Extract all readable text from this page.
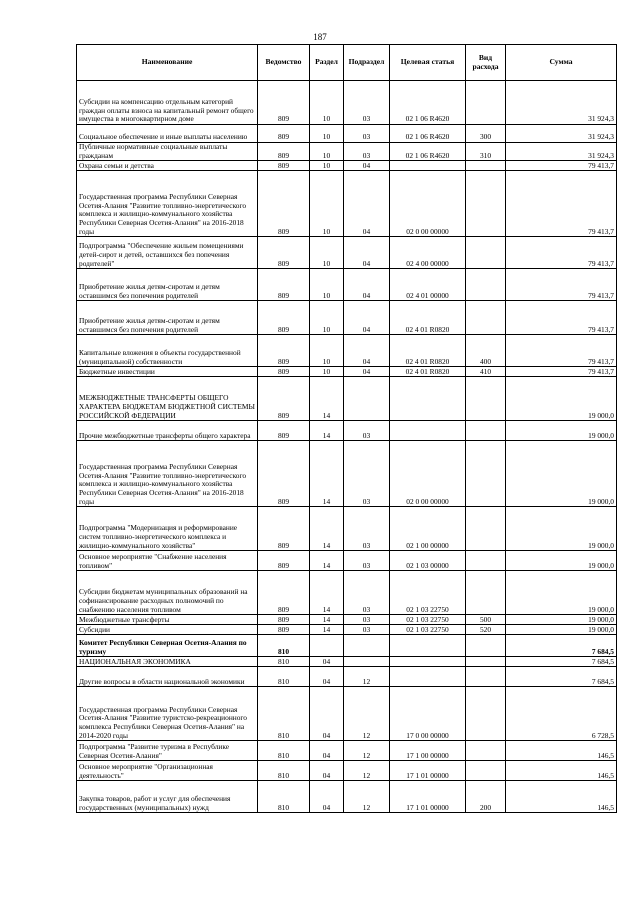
187
Наименование	Ведомство	Раздел	Подраздел	Целевая статья	Вид расхода	Сумма
Субсидии на компенсацию отдельным категорий граждан оплаты взноса на капитальный ремонт общего имущества в многоквартирном доме	809	10	03	02 1 06 R4620		31 924,3
Социальное обеспечение и иные выплаты населению	809	10	03	02 1 06 R4620	300	31 924,3
Публичные нормативные социальные выплаты гражданам	809	10	03	02 1 06 R4620	310	31 924,3
Охрана семьи и детства	809	10	04			79 413,7
Государственная программа Республики Северная Осетия-Алания "Развитие топливно-энергетического комплекса и жилищно-коммунального хозяйства Республики Северная Осетия-Алания" на 2016-2018 годы	809	10	04	02 0 00 00000		79 413,7
Подпрограмма "Обеспечение жильем помещениями детей-сирот и детей, оставшихся без попечения родителей"	809	10	04	02 4 00 00000		79 413,7
Приобретение жилья детям-сиротам и детям оставшимся без попечения родителей	809	10	04	02 4 01 00000		79 413,7
Приобретение жилья детям-сиротам и детям оставшимся без попечения родителей	809	10	04	02 4 01 R0820		79 413,7
Капитальные вложения в объекты государственной (муниципальной) собственности	809	10	04	02 4 01 R0820	400	79 413,7
Бюджетные инвестиции	809	10	04	02 4 01 R0820	410	79 413,7
МЕЖБЮДЖЕТНЫЕ ТРАНСФЕРТЫ ОБЩЕГО ХАРАКТЕРА БЮДЖЕТАМ БЮДЖЕТНОЙ СИСТЕМЫ РОССИЙСКОЙ ФЕДЕРАЦИИ	809	14				19 000,0
Прочие межбюджетные трансферты общего характера	809	14	03			19 000,0
Государственная программа Республики Северная Осетия-Алания "Развитие топливно-энергетического комплекса и жилищно-коммунального хозяйства Республики Северная Осетия-Алания" на 2016-2018 годы	809	14	03	02 0 00 00000		19 000,0
Подпрограмма "Модернизация и реформирование систем топливно-энергетического комплекса и жилищно-коммунального хозяйства"	809	14	03	02 1 00 00000		19 000,0
Основное мероприятие "Снабжение населения топливом"	809	14	03	02 1 03 00000		19 000,0
Субсидии бюджетам муниципальных образований на софинансирование расходных полномочий по снабжению населения топливом	809	14	03	02 1 03 22750		19 000,0
Межбюджетные трансферты	809	14	03	02 1 03 22750	500	19 000,0
Субсидии	809	14	03	02 1 03 22750	520	19 000,0
Комитет Республики Северная Осетия-Алания по туризму	810					7 684,5
НАЦИОНАЛЬНАЯ ЭКОНОМИКА	810	04				7 684,5
Другие вопросы в области национальной экономики	810	04	12			7 684,5
Государственная программа Республики Северная Осетия-Алания "Развитие туристско-рекреационного комплекса Республики Северная Осетия-Алания" на 2014-2020 годы	810	04	12	17 0 00 00000		6 728,5
Подпрограмма "Развитие туризма в Республике Северная Осетия-Алания"	810	04	12	17 1 00 00000		146,5
Основное мероприятие "Организационная деятельность"	810	04	12	17 1 01 00000		146,5
Закупка товаров, работ и услуг для обеспечения государственных (муниципальных) нужд	810	04	12	17 1 01 00000	200	146,5
